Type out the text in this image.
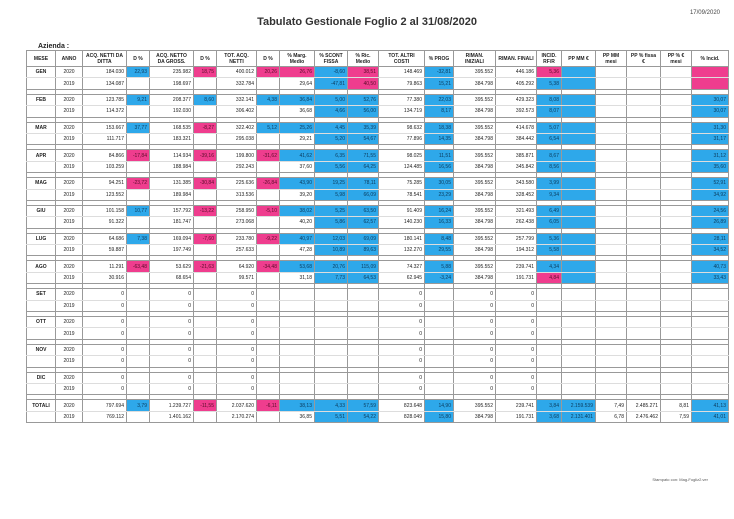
17/09/2020
Tabulato Gestionale Foglio 2 al 31/08/2020
Azienda :
MESE	ANNO	ACQ. NETTI DA DITTA	D %	ACQ. NETTO DA GROSS.	D %	TOT. ACQ. NETTI	D %	% Marg. Medio	% SCONT FISSA	% Ric. Medio	TOT. ALTRI COSTI	% PROG	RIMAN. INIZIALI	RIMAN. FINALI	INCID. RF/R	PP MM €	PP MM mesi	PP % fissa €	PP % € mesi	% Incid.
GEN	2020	184.030	22,93	235.982	18,75	400.012	20,26	26,76	-8,60	38,51	148.469	-32,81	395.552	446.186	5,36					
	2019	134.087		198.697		332.784		29,64	-47,81	40,50	79.863	15,21	384.798	405.292	5,38					

FEB	2020	123.785	9,21	208.377	8,60	332.141	4,38	36,84	5,00	52,76	77.380	22,03	395.552	429.323	8,08					30,07
	2019	114.372		192.030		306.402		36,68	4,66	56,00	134.719	8,17	384.798	392.573	8,07					30,07

MAR	2020	153.667	37,77	168.535	-8,27	322.402	5,12	25,26	4,45	35,39	98.632	18,38	395.552	414.678	5,07					31,30
	2019	111.717		183.321		295.038		29,21	5,20	54,67	77.896	14,35	384.798	384.442	6,54					31,17

APR	2020	84.866	-17,84	114.934	-39,16	199.800	-31,62	41,62	6,35	71,55	98.025	11,51	395.552	385.871	8,67					31,12
	2019	103.259		188.984		292.243		37,60	5,56	64,25	124.485	16,56	384.798	345.842	8,56					35,60

MAG	2020	94.251	-23,72	131.385	-30,84	225.636	-26,84	43,90	19,25	78,11	75.285	30,05	395.552	343.580	3,99					52,91
	2019	123.552		189.984		313.536		39,20	5,98	66,09	78.541	23,29	384.798	328.452	9,34					34,92

GIU	2020	101.158	10,77	157.792	-13,22	258.950	-5,10	38,02	5,25	63,50	91.409	16,24	395.552	321.493	6,49					24,56
	2019	91.322		181.747		273.068		40,20	5,86	62,57	140.230	16,33	384.798	262.438	6,05					26,89

LUG	2020	64.686	7,38	169.094	-7,60	233.780	-9,22	40,97	12,03	69,09	180.141	8,48	395.552	257.799	5,36					28,11
	2019	59.887		197.749		257.633		47,28	10,89	89,63	132.270	29,55	384.798	194.312	5,58					34,52

AGO	2020	11.291	-63,48	53.629	-21,63	64.920	-34,48	53,68	20,76	115,09	74.327	5,88	395.552	239.741	4,34					40,73
	2019	30.916		68.654		99.571		31,18	7,73	64,53	62.945	-3,24	384.798	191.731	4,84					33,43

SET	2020	0		0		0					0		0	0						
	2019	0		0		0					0		0	0						

OTT	2020	0		0		0					0		0	0						
	2019	0		0		0					0		0	0						

NOV	2020	0		0		0					0		0	0						
	2019	0		0		0					0		0	0						

DIC	2020	0		0		0					0		0	0						
	2019	0		0		0					0		0	0						

TOTALI	2020	797.694	3,79	1.239.727	-11,55	2.037.620	-6,11	38,13	4,33	57,59	823.648	14,90	395.552	239.741	3,84	2.159.539	7,49	2.485.271	8,81	41,13
	2019	769.112		1.401.162		2.170.274		36,85	5,51	54,22	828.049	15,80	384.798	191.731	3,68	2.131.401	6,78	2.476.462	7,59	41,01
Stampato con: Mag-Fogliz2.ver
